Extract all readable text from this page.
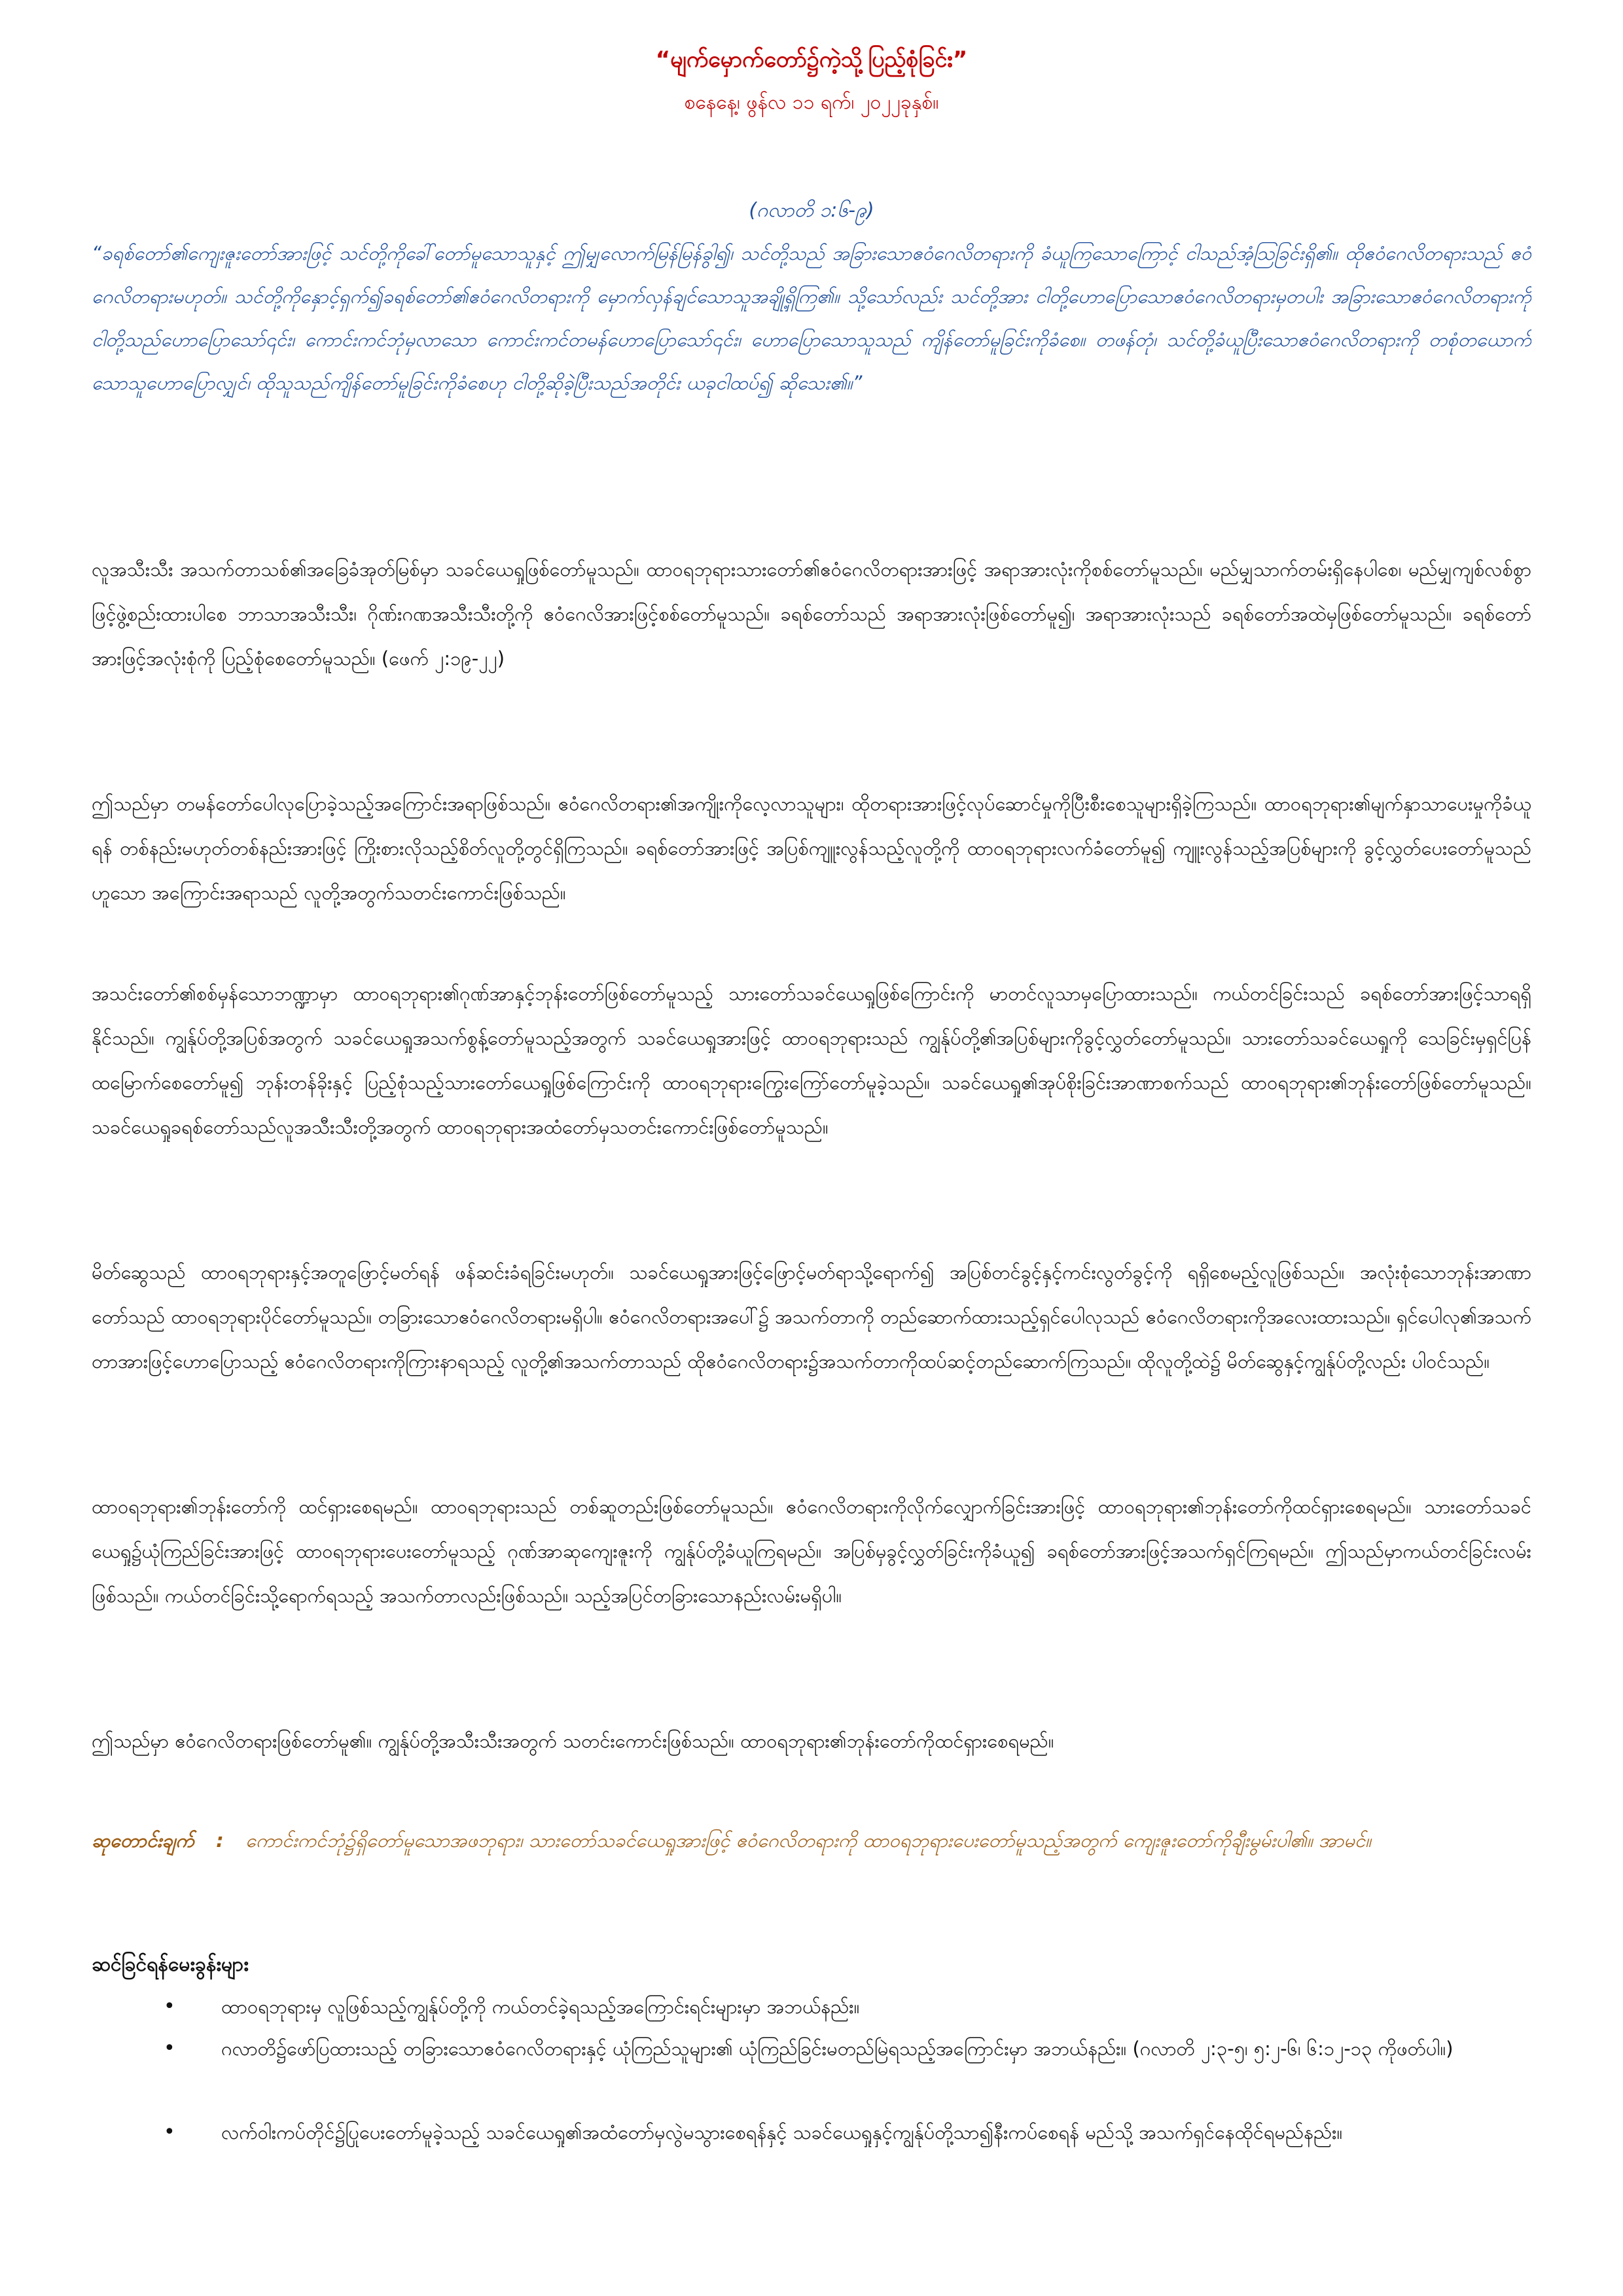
“မျက်မှောက်တော်၌ကဲ့သို့ပြည့်စုံခြင်း”
စနေနေ့၊ ဖွန်လ ၁၁ ရက်၊ ၂၀၂၂ခုနှစ်။
(ဂလာတိ ၁:၆-၉)
“ခရစ်တော်၏ကျေးဇူးတော်အားဖြင့် သင်တို့ကိုခေါ်တော်မူသောသူနှင့် ဤမျှလောက်မြန်မြန်ခွါ၍၊ သင်တို့သည် အခြားသောဧဝံဂေလိတရားကို ခံယူကြသောကြောင့် ငါသည်အံ့ဩခြင်းရှိ၏။ ထိုဧဝံဂေလိတရားသည် ဧဝံဂေလိတရားမဟုတ်။ သင်တို့ကိုနှောင့်ရှက်၍ခရစ်တော်၏ဧဝံဂေလိတရားကို မှောက်လှန်ချင်သောသူအချို့ရှိကြ၏။ သို့သော်လည်း သင်တို့အား ငါတို့ဟောပြောသောဧဝံဂေလိတရားမှတပါး အခြားသောဧဝံဂေလိတရားကို ငါတို့သည်ဟောပြောသော်၎င်း၊ ကောင်းကင်ဘုံမှလာသော ကောင်းကင်တမန်ဟောပြောသော်၎င်း၊ ဟောပြောသောသူသည် ကျိန်တော်မူခြင်းကိုခံစေ။ တဖန်တုံ၊ သင်တို့ခံယူပြီးသောဧဝံဂေလိတရားကို တစုံတယောက်သောသူဟောပြောလျှင်၊ ထိုသူသည်ကျိန်တော်မူခြင်းကိုခံစေဟု ငါတို့ဆိုခဲ့ပြီးသည်အတိုင်း ယခုငါထပ်၍ ဆိုသေး၏။”
လူအသီးသီး အသက်တာသစ်၏အခြေခံအုတ်မြစ်မှာ သခင်ယေရှုဖြစ်တော်မူသည်။ ထာဝရဘုရားသားတော်၏ဧဝံဂေလိတရားအားဖြင့် အရာအားလုံးကိုစစ်တော်မူသည်။ မည်မျှသာက်တမ်းရှိနေပါစေ၊ မည်မျှကျစ်လစ်စွာဖြင့်ဖွဲ့စည်းထားပါစေ ဘာသာအသီးသီး၊ ဂိုဏ်းဂဏအသီးသီးတို့ကို ဧဝံဂေလိအားဖြင့်စစ်တော်မူသည်။ ခရစ်တော်သည် အရာအားလုံးဖြစ်တော်မူ၍၊ အရာအားလုံးသည် ခရစ်တော်အထဲမှဖြစ်တော်မူသည်။ ခရစ်တော်အားဖြင့်အလုံးစုံကို ပြည့်စုံစေတော်မူသည်။ (ဖေက် ၂:၁၉-၂၂)
ဤသည်မှာ တမန်တော်ပေါလုပြောခဲ့သည့်အကြောင်းအရာဖြစ်သည်။ ဧဝံဂေလိတရား၏အကျိုးကိုလေ့လာသူများ၊ ထိုတရားအားဖြင့်လုပ်ဆောင်မှုကိုပြီးစီးစေသူများရှိခဲ့ကြသည်။ ထာဝရဘုရား၏မျက်နှာသာပေးမှုကိုခံယူရန် တစ်နည်းမဟုတ်တစ်နည်းအားဖြင့် ကြိုးစားလိုသည့်စိတ်လူတို့တွင်ရှိကြသည်။ ခရစ်တော်အားဖြင့် အပြစ်ကျူးလွန်သည့်လူတို့ကို ထာဝရဘုရားလက်ခံတော်မူ၍ ကျူးလွန်သည့်အပြစ်များကို ခွင့်လွှတ်ပေးတော်မူသည်ဟူသော အကြောင်းအရာသည် လူတို့အတွက်သတင်းကောင်းဖြစ်သည်။
အသင်းတော်၏စစ်မှန်သောဘဏ္ဍာမှာ ထာဝရဘုရား၏ဂုဏ်အာနှင့်ဘုန်းတော်ဖြစ်တော်မူသည့် သားတော်သခင်ယေရှုဖြစ်ကြောင်းကို မာတင်လူသာမှပြောထားသည်။ ကယ်တင်ခြင်းသည် ခရစ်တော်အားဖြင့်သာရရှိနိုင်သည်။ ကျွန်ုပ်တို့အပြစ်အတွက် သခင်ယေရှုအသက်စွန့်တော်မူသည့်အတွက် သခင်ယေရှုအားဖြင့် ထာဝရဘုရားသည် ကျွန်ုပ်တို့၏အပြစ်များကိုခွင့်လွှတ်တော်မူသည်။ သားတော်သခင်ယေရှုကို သေခြင်းမှရှင်ပြန်ထမြောက်စေတော်မူ၍ ဘုန်းတန်ခိုးနှင့် ပြည့်စုံသည့်သားတော်ယေရှုဖြစ်ကြောင်းကို ထာဝရဘုရားကြွေးကြော်တော်မူခဲ့သည်။ သခင်ယေရှု၏အုပ်စိုးခြင်းအာဏာစက်သည် ထာဝရဘုရား၏ဘုန်းတော်ဖြစ်တော်မူသည်။ သခင်ယေရှုခရစ်တော်သည်လူအသီးသီးတို့အတွက် ထာဝရဘုရားအထံတော်မှသတင်းကောင်းဖြစ်တော်မူသည်။
မိတ်ဆွေသည် ထာဝရဘုရားနှင့်အတူဖြောင့်မတ်ရန် ဖန်ဆင်းခံရခြင်းမဟုတ်။ သခင်ယေရှုအားဖြင့်ဖြောင့်မတ်ရာသို့ရောက်၍ အပြစ်တင်ခွင့်နှင့်ကင်းလွတ်ခွင့်ကို ရရှိစေမည့်လူဖြစ်သည်။ အလုံးစုံသောဘုန်းအာဏာတော်သည် ထာဝရဘုရားပိုင်တော်မူသည်။ တခြားသောဧဝံဂေလိတရားမရှိပါ။ ဧဝံဂေလိတရားအပေါ်၌ အသက်တာကို တည်ဆောက်ထားသည့်ရှင်ပေါလုသည် ဧဝံဂေလိတရားကိုအလေးထားသည်။ ရှင်ပေါလု၏အသက်တာအားဖြင့်ဟောပြောသည့် ဧဝံဂေလိတရားကိုကြားနာရသည့် လူတို့၏အသက်တာသည် ထိုဧဝံဂေလိတရား၌အသက်တာကိုထပ်ဆင့်တည်ဆောက်ကြသည်။ ထိုလူတို့ထဲ၌ မိတ်ဆွေနှင့်ကျွန်ုပ်တို့လည်း ပါဝင်သည်။
ထာဝရဘုရား၏ဘုန်းတော်ကို ထင်ရှားစေရမည်။ ထာဝရဘုရားသည် တစ်ဆူတည်းဖြစ်တော်မူသည်။ ဧဝံဂေလိတရားကိုလိုက်လျှောက်ခြင်းအားဖြင့် ထာဝရဘုရား၏ဘုန်းတော်ကိုထင်ရှားစေရမည်။ သားတော်သခင်ယေရှု၌ယုံကြည်ခြင်းအားဖြင့် ထာဝရဘုရားပေးတော်မူသည့် ဂုဏ်အာဆုကျေးဇူးကို ကျွန်ုပ်တို့ခံယူကြရမည်။ အပြစ်မှခွင့်လွှတ်ခြင်းကိုခံယူ၍ ခရစ်တော်အားဖြင့်အသက်ရှင်ကြရမည်။ ဤသည်မှာကယ်တင်ခြင်းလမ်းဖြစ်သည်။ ကယ်တင်ခြင်းသို့ရောက်ရသည့် အသက်တာလည်းဖြစ်သည်။ သည့်အပြင်တခြားသောနည်းလမ်းမရှိပါ။
ဤသည်မှာ ဧဝံဂေလိတရားဖြစ်တော်မူ၏။ ကျွန်ုပ်တို့အသီးသီးအတွက် သတင်းကောင်းဖြစ်သည်။ ထာဝရဘုရား၏ဘုန်းတော်ကိုထင်ရှားစေရမည်။
ဆုတောင်းချက် : ကောင်းကင်ဘုံ၌ရှိတော်မူသောအဖဘုရား၊ သားတော်သခင်ယေရှုအားဖြင့် ဧဝံဂေလိတရားကို ထာဝရဘုရားပေးတော်မူသည့်အတွက် ကျေးဇူးတော်ကိုချီးမွမ်းပါ၏။ အာမင်။
ဆင်ခြင်ရန်မေးခွန်းများ
• ထာဝရဘုရားမှ လူဖြစ်သည့်ကျွန်ုပ်တို့ကို ကယ်တင်ခဲ့ရသည့်အကြောင်းရင်းများမှာ အဘယ်နည်း။
• ဂလာတိ၌ဖော်ပြထားသည့် တခြားသောဧဝံဂေလိတရားနှင့် ယုံကြည်သူများ၏ ယုံကြည်ခြင်းမတည်မြဲရသည့်အကြောင်းမှာ အဘယ်နည်း။ (ဂလာတိ ၂:၃-၅၊ ၅:၂-၆၊ ၆:၁၂-၁၃ ကိုဖတ်ပါ။)
• လက်ဝါးကပ်တိုင်၌ပြုပေးတော်မူခဲ့သည့် သခင်ယေရှု၏အထံတော်မှလွဲမသွားစေရန်နှင့် သခင်ယေရှုနှင့်ကျွန်ုပ်တို့သာ၍နီးကပ်စေရန် မည်သို့ အသက်ရှင်နေထိုင်ရမည်နည်း။
